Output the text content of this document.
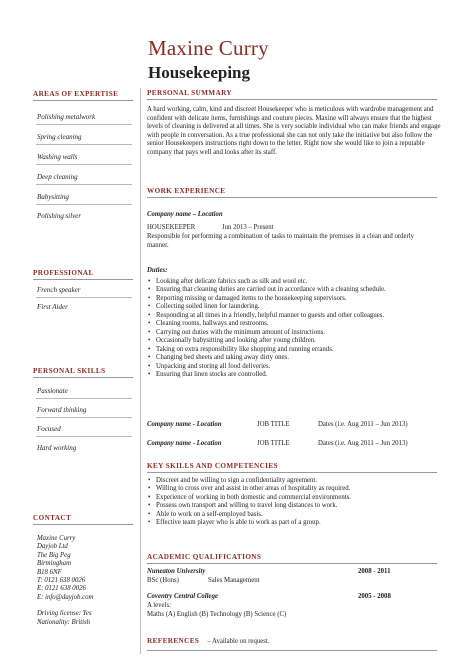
Maxine Curry
Housekeeping
AREAS OF EXPERTISE
Polishing metalwork
Spring cleaning
Washing walls
Deep cleaning
Babysitting
Polishing silver
PROFESSIONAL
French speaker
First Aider
PERSONAL SKILLS
Passionate
Forward thinking
Focused
Hard working
CONTACT
Maxine Curry
Dayjob Ltd
The Big Peg
Birmingham
B18 6NF
T: 0121 638 0026
E: 0121 638 0026
E: info@dayjob.com
Driving license: Yes
Nationality: British
PERSONAL SUMMARY
A hard working, calm, kind and discreet Housekeeper who is meticulous with wardrobe management and confident with delicate items, furnishings and couture pieces. Maxine will always ensure that the highest levels of cleaning is delivered at all times. She is very sociable individual who can make friends and engage with people in conversation. As a true professional she can not only take the initiative but also follow the senior Housekeepers instructions right down to the letter. Right now she would like to join a reputable company that pays well and looks after its staff.
WORK EXPERIENCE
Company name – Location
HOUSEKEEPER	Jun 2013 – Present
Responsible for performing a combination of tasks to maintain the premises in a clean and orderly manner.
Duties:
• Looking after delicate fabrics such as silk and wool etc.
• Ensuring that cleaning duties are carried out in accordance with a cleaning schedule.
• Reporting missing or damaged items to the housekeeping supervisors.
• Collecting soiled linen for laundering.
• Responding at all times in a friendly, helpful manner to guests and other colleagues.
• Cleaning rooms, hallways and restrooms.
• Carrying out duties with the minimum amount of instructions.
• Occasionally babysitting and looking after young children.
• Taking on extra responsibility like shopping and running errands.
• Changing bed sheets and taking away dirty ones.
• Unpacking and storing all food deliveries.
• Ensuring that linen stocks are controlled.
Company name - Location	JOB TITLE	Dates (i.e. Aug 2011 – Jun 2013)
Company name - Location	JOB TITLE	Dates (i.e. Aug 2011 – Jun 2013)
KEY SKILLS AND COMPETENCIES
• Discreet and be willing to sign a confidentiality agreement.
• Willing to cross over and assist in other areas of hospitality as required.
• Experience of working in both domestic and commercial environments.
• Possess own transport and willing to travel long distances to work.
• Able to work on a self-employed basis.
• Effective team player who is able to work as part of a group.
ACADEMIC QUALIFICATIONS
Nuneaton University	2008 - 2011
BSc (Hons)	Sales Management
Coventry Central College	2005 - 2008
A levels:
Maths (A) English (B) Technology (B) Science (C)
REFERENCES – Available on request.
